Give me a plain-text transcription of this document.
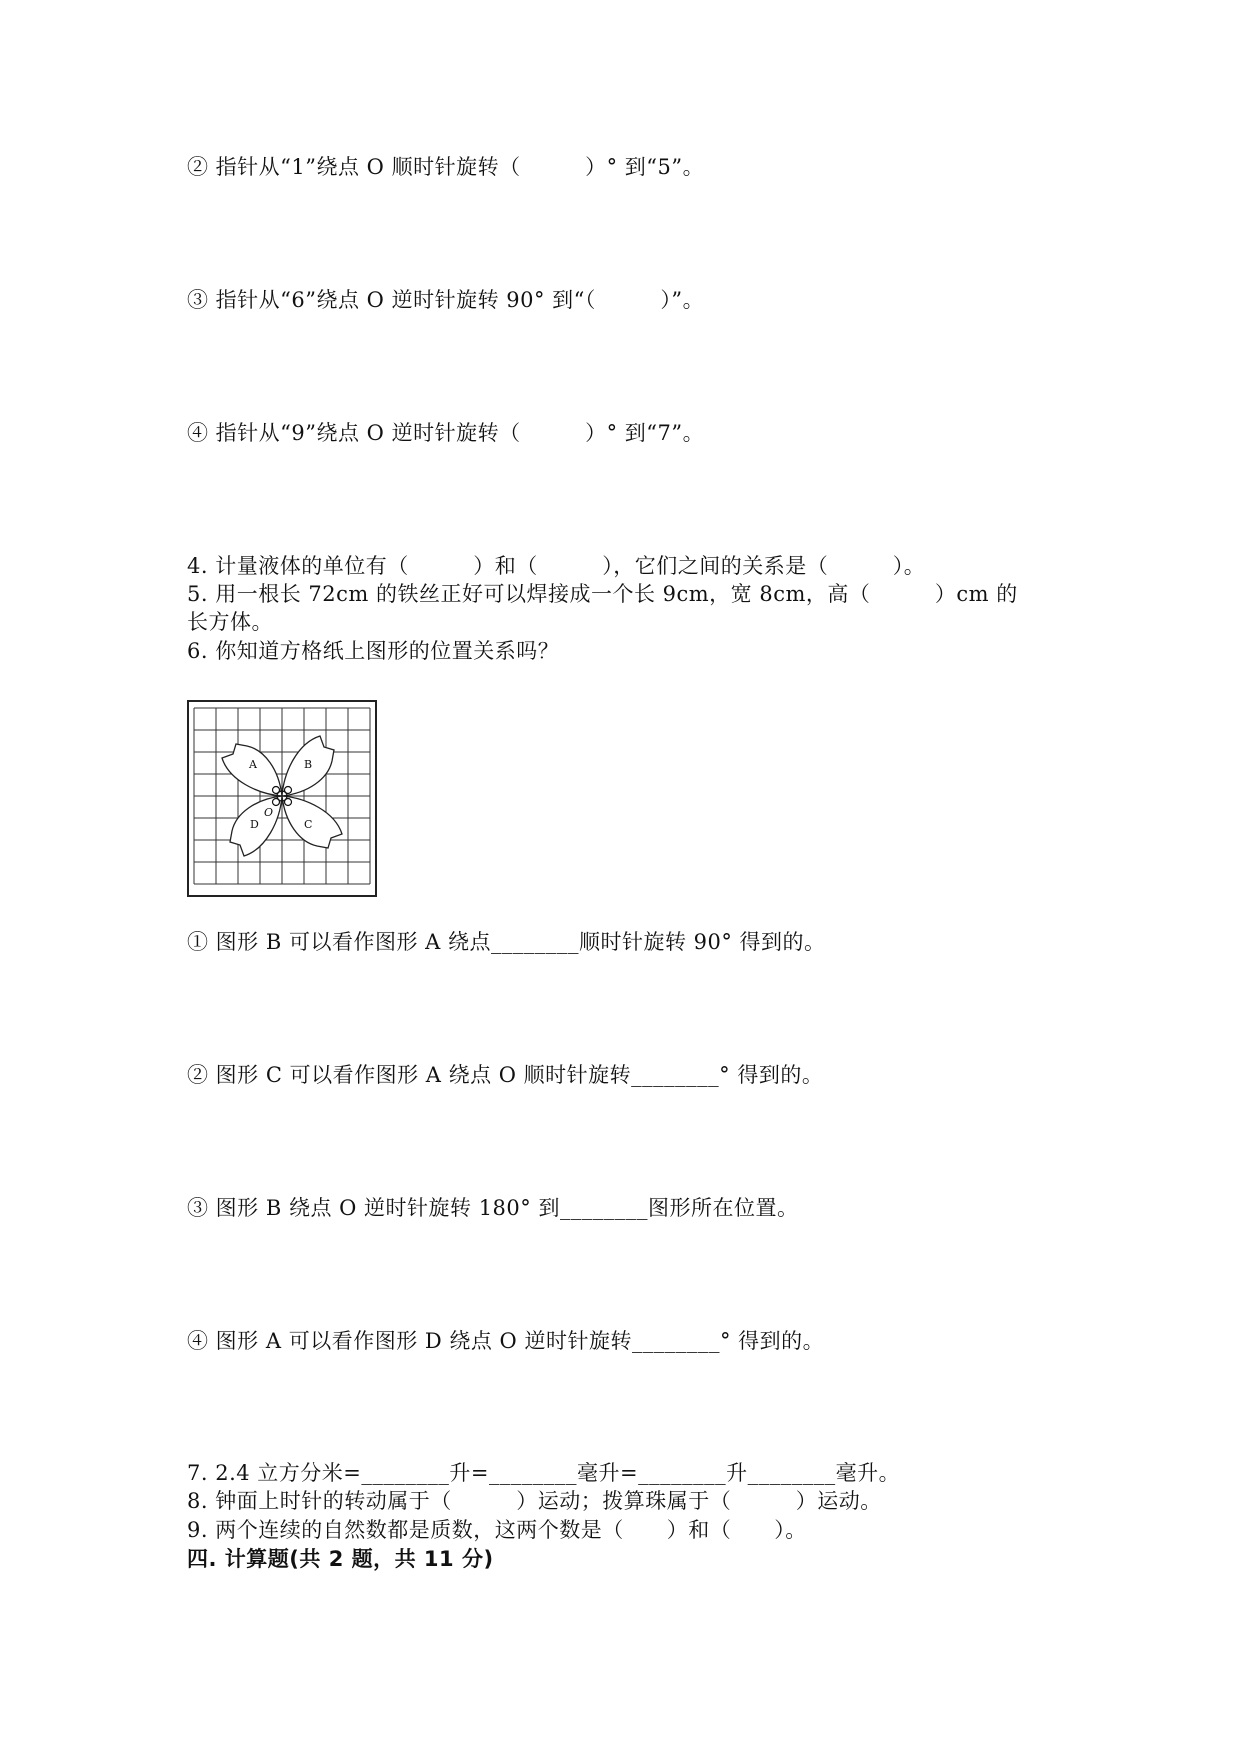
② 指针从“1”绕点 O 顺时针旋转（　　　）° 到“5”。
③ 指针从“6”绕点 O 逆时针旋转 90° 到“（　　　）”。
④ 指针从“9”绕点 O 逆时针旋转（　　　）° 到“7”。
4. 计量液体的单位有（　　　）和（　　　），它们之间的关系是（　　　）。
5. 用一根长 72cm 的铁丝正好可以焊接成一个长 9cm，宽 8cm，高（　　　）cm 的
长方体。
6. 你知道方格纸上图形的位置关系吗？
A	B
C
D
O
① 图形 B 可以看作图形 A 绕点________顺时针旋转 90° 得到的。
② 图形 C 可以看作图形 A 绕点 O 顺时针旋转________° 得到的。
③ 图形 B 绕点 O 逆时针旋转 180° 到________图形所在位置。
④ 图形 A 可以看作图形 D 绕点 O 逆时针旋转________° 得到的。
7. 2.4 立方分米=________升=________毫升=________升________毫升。
8. 钟面上时针的转动属于（　　　）运动；拨算珠属于（　　　）运动。
9. 两个连续的自然数都是质数，这两个数是（　　）和（　　）。
四. 计算题(共 2 题，共 11 分)
